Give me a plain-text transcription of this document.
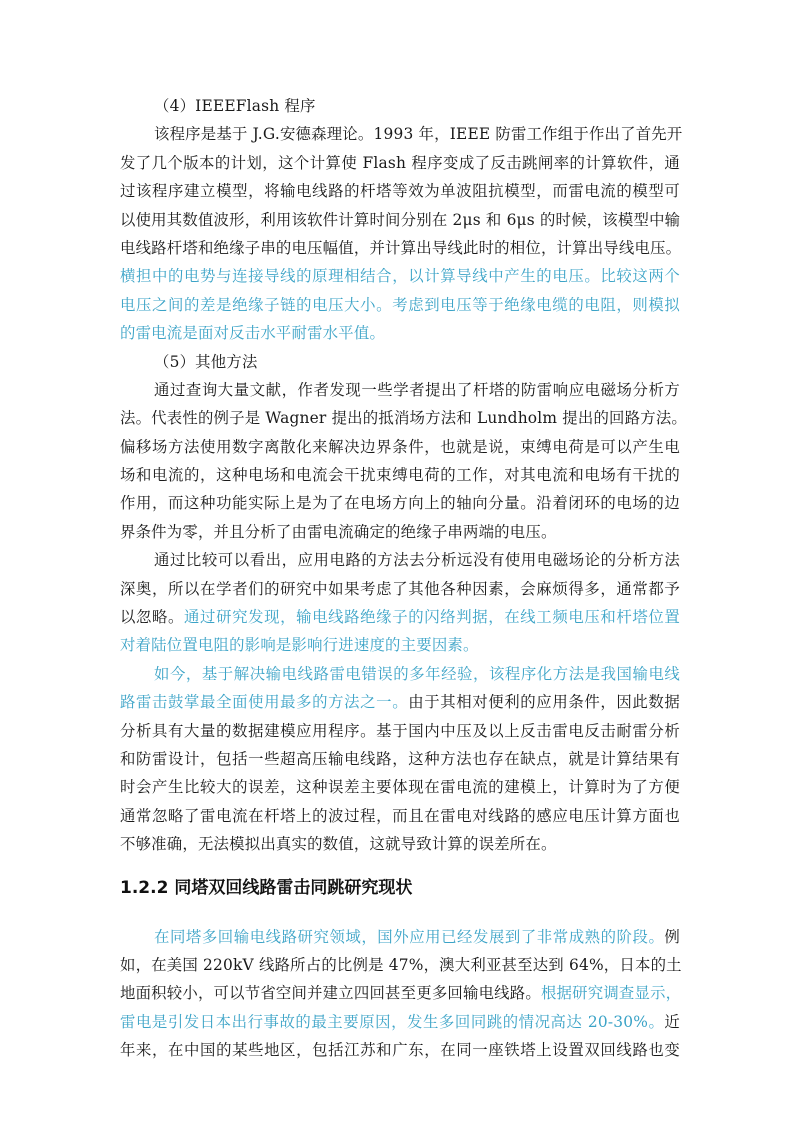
（4）IEEEFlash 程序
该程序是基于 J.G.安德森理论。1993 年，IEEE 防雷工作组于作出了首先开
发了几个版本的计划，这个计算使 Flash 程序变成了反击跳闸率的计算软件，通
过该程序建立模型，将输电线路的杆塔等效为单波阻抗模型，而雷电流的模型可
以使用其数值波形，利用该软件计算时间分别在 2μs 和 6μs 的时候，该模型中输
电线路杆塔和绝缘子串的电压幅值，并计算出导线此时的相位，计算出导线电压。
横担中的电势与连接导线的原理相结合，以计算导线中产生的电压。比较这两个
电压之间的差是绝缘子链的电压大小。考虑到电压等于绝缘电缆的电阻，则模拟
的雷电流是面对反击水平耐雷水平值。
（5）其他方法
通过查询大量文献，作者发现一些学者提出了杆塔的防雷响应电磁场分析方
法。代表性的例子是 Wagner 提出的抵消场方法和 Lundholm 提出的回路方法。
偏移场方法使用数字离散化来解决边界条件，也就是说，束缚电荷是可以产生电
场和电流的，这种电场和电流会干扰束缚电荷的工作，对其电流和电场有干扰的
作用，而这种功能实际上是为了在电场方向上的轴向分量。沿着闭环的电场的边
界条件为零，并且分析了由雷电流确定的绝缘子串两端的电压。
通过比较可以看出，应用电路的方法去分析远没有使用电磁场论的分析方法
深奥，所以在学者们的研究中如果考虑了其他各种因素，会麻烦得多，通常都予
以忽略。通过研究发现，输电线路绝缘子的闪络判据，在线工频电压和杆塔位置
对着陆位置电阻的影响是影响行进速度的主要因素。
如今，基于解决输电线路雷电错误的多年经验，该程序化方法是我国输电线
路雷击鼓掌最全面使用最多的方法之一。由于其相对便利的应用条件，因此数据
分析具有大量的数据建模应用程序。基于国内中压及以上反击雷电反击耐雷分析
和防雷设计，包括一些超高压输电线路，这种方法也存在缺点，就是计算结果有
时会产生比较大的误差，这种误差主要体现在雷电流的建模上，计算时为了方便
通常忽略了雷电流在杆塔上的波过程，而且在雷电对线路的感应电压计算方面也
不够准确，无法模拟出真实的数值，这就导致计算的误差所在。
1.2.2 同塔双回线路雷击同跳研究现状
在同塔多回输电线路研究领域，国外应用已经发展到了非常成熟的阶段。例
如，在美国 220kV 线路所占的比例是 47%，澳大利亚甚至达到 64%，日本的土
地面积较小，可以节省空间并建立四回甚至更多回输电线路。根据研究调查显示，
雷电是引发日本出行事故的最主要原因，发生多回同跳的情况高达 20-30%。近
年来，在中国的某些地区，包括江苏和广东，在同一座铁塔上设置双回线路也变
